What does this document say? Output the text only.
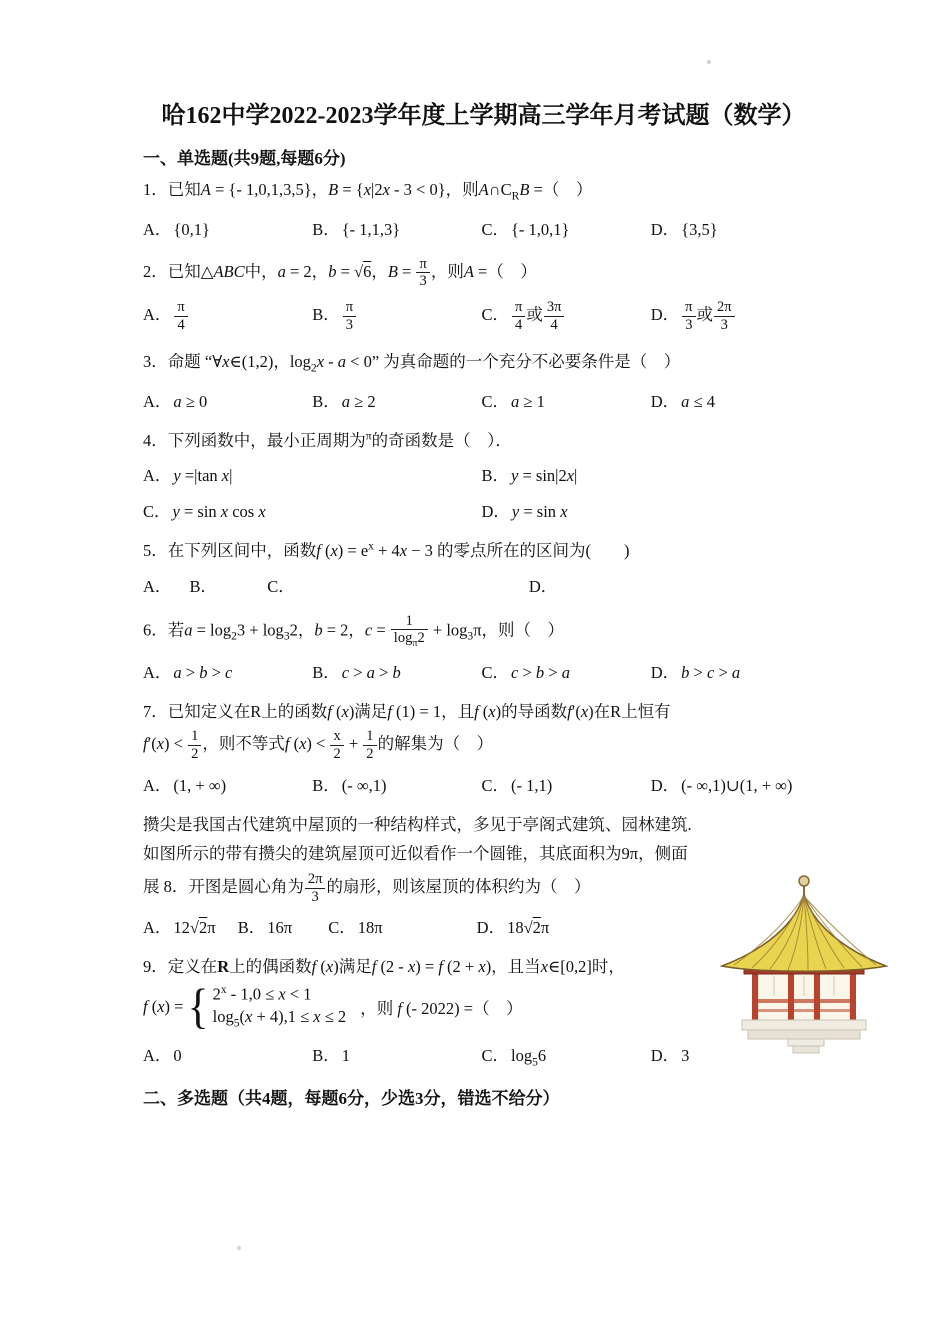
哈162中学2022-2023学年度上学期高三学年月考试题（数学）
一、单选题(共9题,每题6分)

1．已知A = {- 1,0,1,3,5}，B = {x|2x - 3 < 0}，则$A\cap C_RB$ =（　）

A． {0,1}	B． {- 1,1,3}	C． {- 1,0,1}	D． {3,5}

2．已知△ABC中，a = 2，b = √6，$B = \frac{\pi}{3}$ ，则A =（　）

A． $\frac{\pi}{4}$	B． $\frac{\pi}{3}$	C． $\frac{\pi}{4}$ 或 $\frac{3\pi}{4}$	D． $\frac{\pi}{3}$ 或 $\frac{2\pi}{3}$

3．命题 “∀x∈(1,2)，$\log_2x - a < 0$” 为真命题的一个充分不必要条件是（　）

A． a ≥ 0	B． a ≥ 2	C． a ≥ 1	D． a ≤ 4

4．下列函数中，最小正周期为$^\pi$的奇函数是（　）．

A． y =|tan x|	B． y = sin|2x|
C． y = sin x cos x	D． y = sin x

5．在下列区间中，函数f $(x) = e^x + 4x - 3$ 的零点所在的区间为(　　)

A． B．	C．	D．

6．若$a = \log_23 + \log_32$，b = 2，$c = \frac{1}{\log_\pi 2} + \log_3\pi$，则（　）

A． a > b > c	B． c > a > b	C． c > b > a	D． b > c > a

7．已知定义在R上的函数f (x)满足f (1) = 1，且f (x)的导函数f′(x)在R上恒有

$f'(x) < \frac{1}{2}$ ，则不等式f $(x) < \frac{x}{2} + \frac{1}{2}$ 的解集为（　）

A． (1, + ∞)	B． (- ∞,1)	C． (- 1,1)	D． (- ∞,1)∪(1, + ∞)

攒尖是我国古代建筑中屋顶的一种结构样式，多见于亭阁式建筑、园林建筑.

如图所示的带有攒尖的建筑屋顶可近似看作一个圆锥，其底面积为9π，侧面

展 8．开图是圆心角为 $\frac{2\pi}{3}$ 的扇形，则该屋顶的体积约为（　）

A． 12√2π B． 16π C． 18π	D． 18√2π

9．定义在R上的偶函数f (x)满足f (2 - x) = f (2 + x)，且当x∈[0,2]时，

f (x) = { 2$^x$ - 1,0 ≤ x < 1
$\log_5(x + 4),1 \le x \le 2$ ，则 f (- 2022) =（　）
A． 0	B． 1	C． $\log_56$	D． 3
二、多选题（共4题，每题6分，少选3分，错选不给分）
